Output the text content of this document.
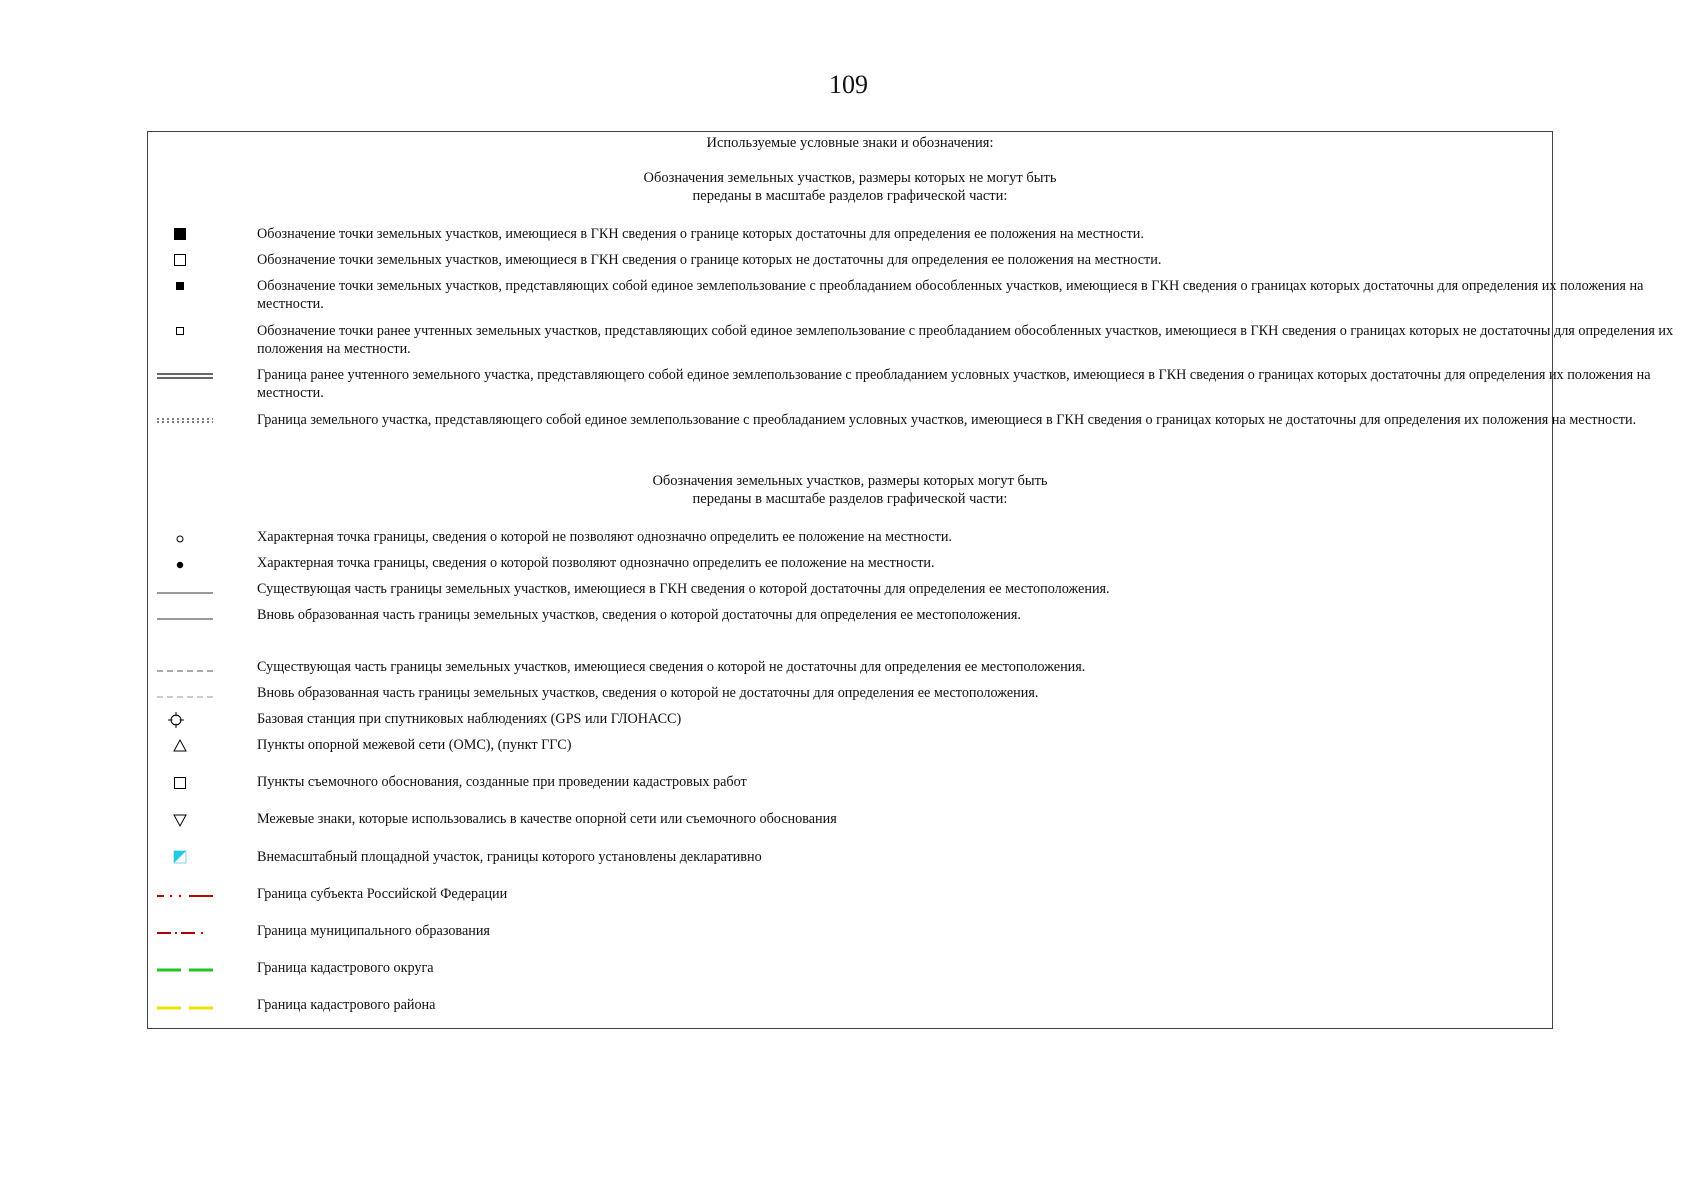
109
Используемые условные знаки и обозначения:
Обозначения земельных участков, размеры которых не могут быть
переданы в масштабе разделов графической части:
Обозначение точки земельных участков, имеющиеся в ГКН сведения о границе которых достаточны для определения ее положения на местности.
Обозначение точки земельных участков, имеющиеся в ГКН сведения о границе которых не достаточны для определения ее положения на местности.
Обозначение точки земельных участков, представляющих собой единое землепользование с преобладанием обособленных участков, имеющиеся в ГКН сведения о границах которых достаточны для определения их положения на местности.
Обозначение точки ранее учтенных земельных участков, представляющих собой единое землепользование с преобладанием обособленных участков, имеющиеся в ГКН сведения о границах которых не достаточны для определения их положения на местности.
Граница ранее учтенного земельного участка, представляющего собой единое землепользование с преобладанием условных участков, имеющиеся в ГКН сведения о границах которых достаточны для определения их положения на местности.
Граница земельного участка, представляющего собой единое землепользование с преобладанием условных участков, имеющиеся в ГКН сведения о границах которых не достаточны для определения их положения на местности.
Обозначения земельных участков, размеры которых могут быть
переданы в масштабе разделов графической части:
Характерная точка границы, сведения о которой не позволяют однозначно определить ее положение на местности.
Характерная точка границы, сведения о которой позволяют однозначно определить ее положение на местности.
Существующая часть границы земельных участков, имеющиеся в ГКН сведения о которой достаточны для определения ее местоположения.
Вновь образованная часть границы земельных участков, сведения о которой достаточны для определения ее местоположения.
Существующая часть границы земельных участков, имеющиеся сведения о которой не достаточны для определения ее местоположения.
Вновь образованная часть границы земельных участков, сведения о которой не достаточны для определения ее местоположения.
Базовая станция при спутниковых наблюдениях (GPS или ГЛОНАСС)
Пункты опорной межевой сети (ОМС), (пункт ГГС)
Пункты съемочного обоснования, созданные при проведении кадастровых работ
Межевые знаки, которые использовались в качестве опорной сети или съемочного обоснования
Внемасштабный площадной участок, границы которого установлены декларативно
Граница субъекта Российской Федерации
Граница муниципального образования
Граница кадастрового округа
Граница кадастрового района
